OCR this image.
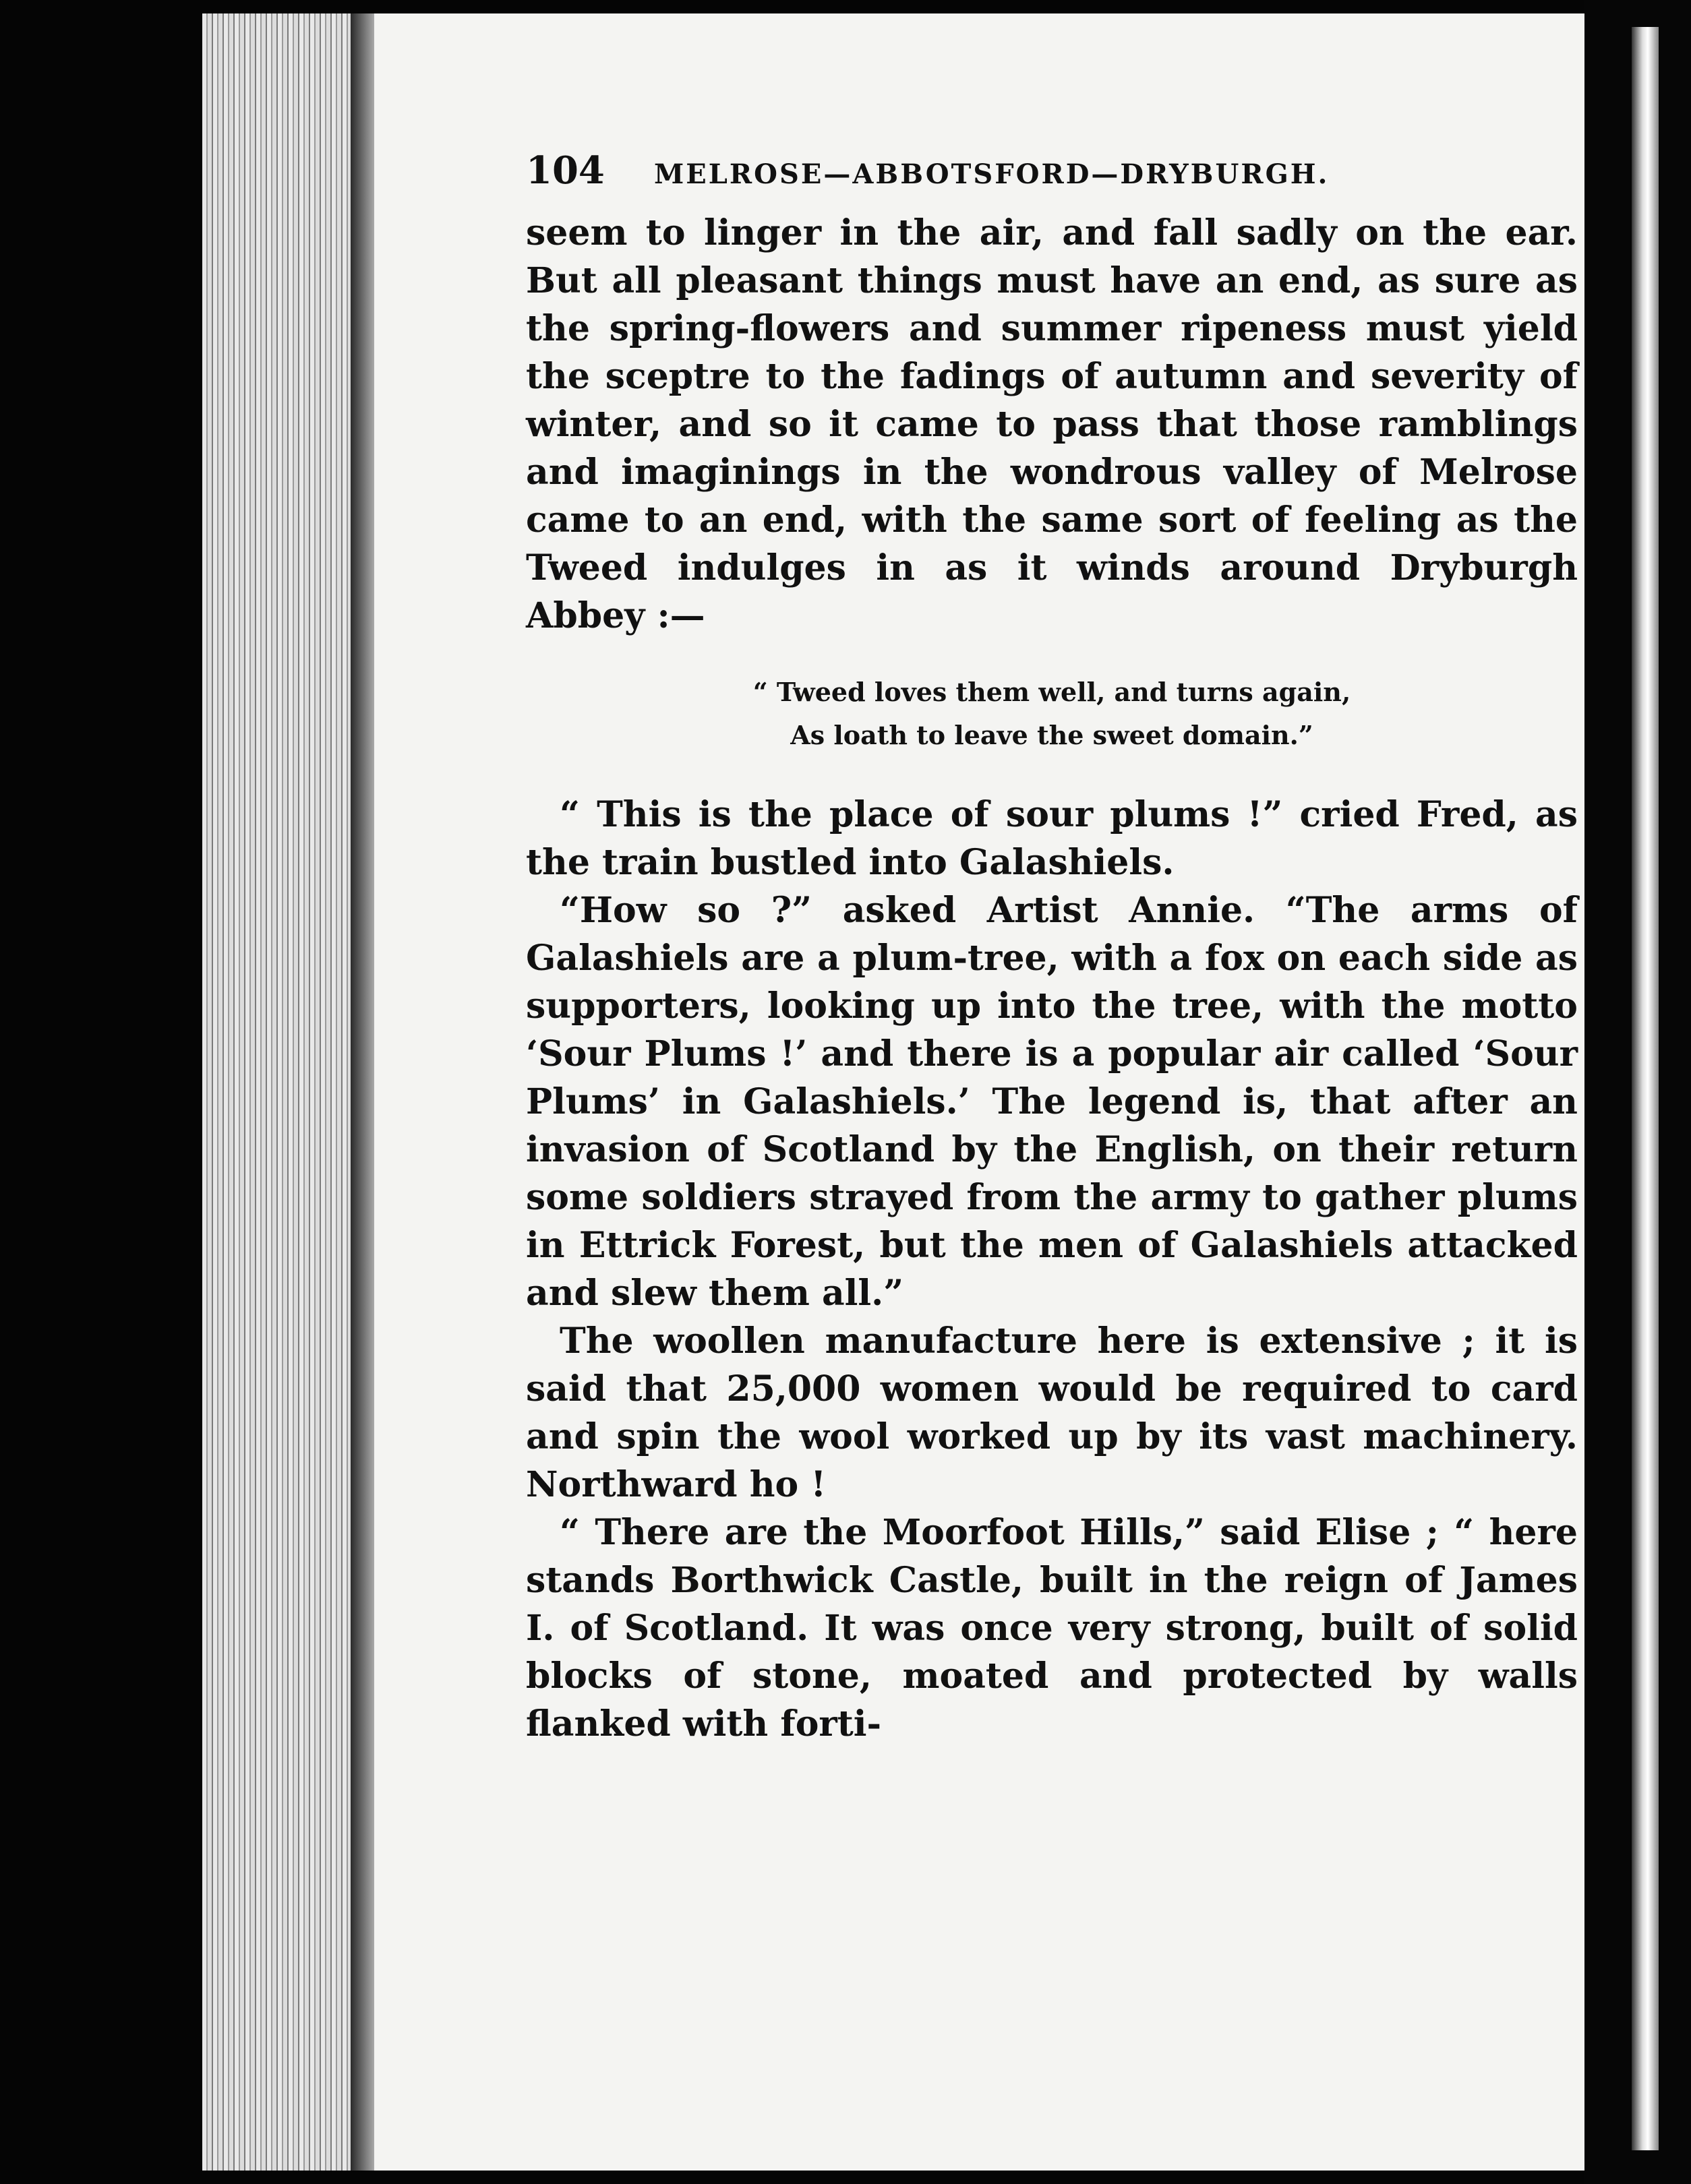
104	MELROSE—ABBOTSFORD—DRYBURGH.

seem to linger in the air, and fall sadly on the ear. But all pleasant things must have an end, as sure as the spring-flowers and summer ripeness must yield the sceptre to the fadings of autumn and severity of winter, and so it came to pass that those ramblings and imaginings in the wondrous valley of Melrose came to an end, with the same sort of feeling as the Tweed indulges in as it winds around Dryburgh Abbey :—

“ Tweed loves them well, and turns again,
As loath to leave the sweet domain.”

“ This is the place of sour plums !” cried Fred, as the train bustled into Galashiels.

“How so ?” asked Artist Annie. “The arms of Galashiels are a plum-tree, with a fox on each side as supporters, looking up into the tree, with the motto ‘Sour Plums !’ and there is a popular air called ‘Sour Plums’ in Galashiels.’ The legend is, that after an invasion of Scotland by the English, on their return some soldiers strayed from the army to gather plums in Ettrick Forest, but the men of Galashiels attacked and slew them all.”

The woollen manufacture here is extensive ; it is said that 25,000 women would be required to card and spin the wool worked up by its vast machinery. Northward ho !

“ There are the Moorfoot Hills,” said Elise ; “ here stands Borthwick Castle, built in the reign of James I. of Scotland. It was once very strong, built of solid blocks of stone, moated and protected by walls flanked with forti-
